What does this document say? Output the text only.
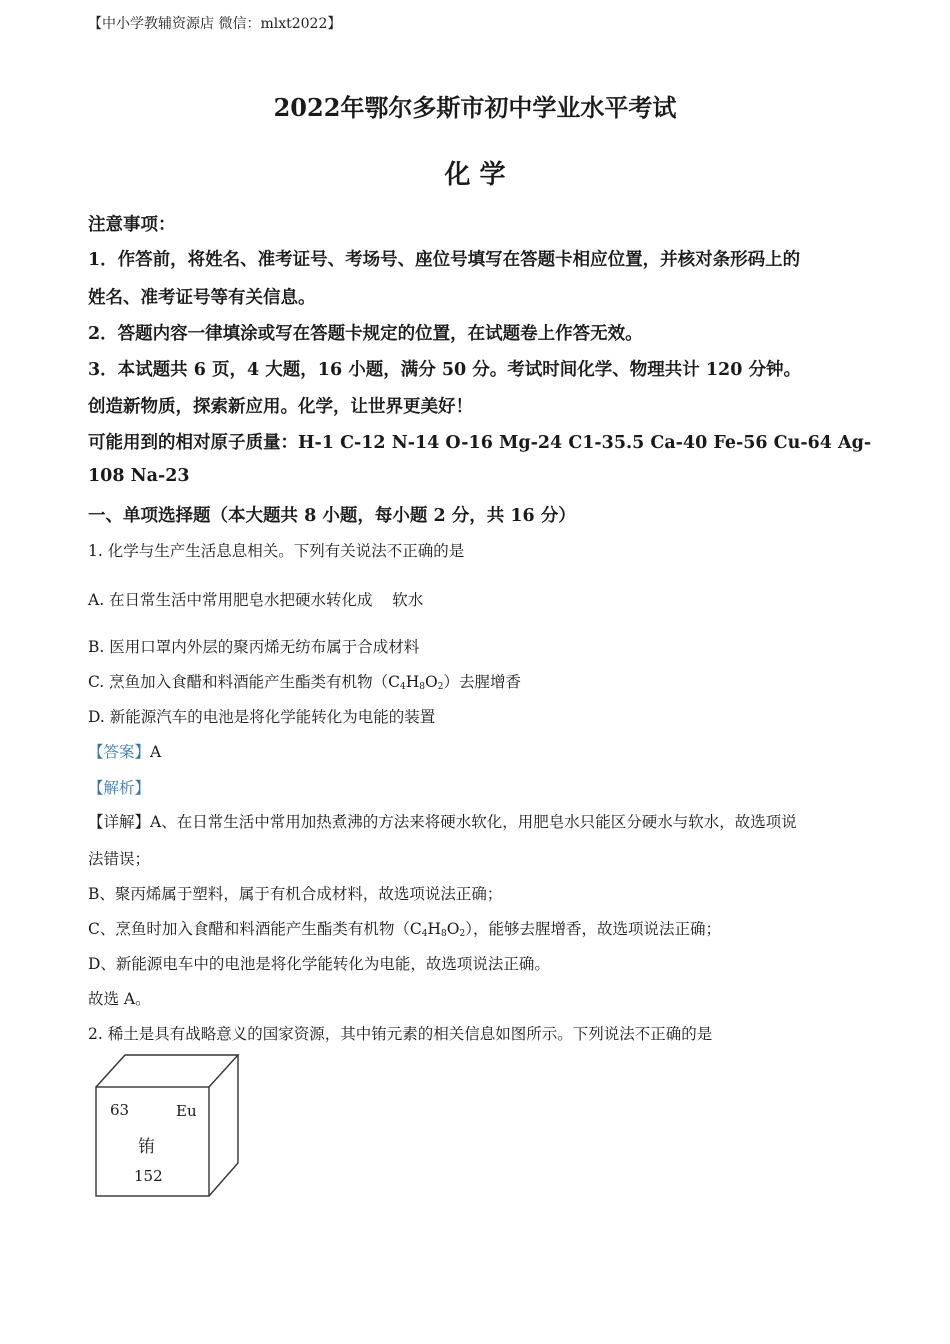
【中小学教辅资源店 微信：mlxt2022】
2022年鄂尔多斯市初中学业水平考试
化 学
注意事项：
1．作答前，将姓名、准考证号、考场号、座位号填写在答题卡相应位置，并核对条形码上的
姓名、准考证号等有关信息。
2．答题内容一律填涂或写在答题卡规定的位置，在试题卷上作答无效。
3．本试题共 6 页，4 大题，16 小题，满分 50 分。考试时间化学、物理共计 120 分钟。
创造新物质，探索新应用。化学，让世界更美好！
可能用到的相对原子质量：H-1 C-12 N-14 O-16 Mg-24 C1-35.5 Ca-40 Fe-56 Cu-64 Ag-
108 Na-23
一、单项选择题（本大题共 8 小题，每小题 2 分，共 16 分）
1. 化学与生产生活息息相关。下列有关说法不正确的是
A. 在日常生活中常用肥皂水把硬水转化成    软水
B. 医用口罩内外层的聚丙烯无纺布属于合成材料
C. 烹鱼加入食醋和料酒能产生酯类有机物$(C_4H_8O_2)$去腥增香
D. 新能源汽车的电池是将化学能转化为电能的装置
【答案】A
【解析】
【详解】A、在日常生活中常用加热煮沸的方法来将硬水软化，用肥皂水只能区分硬水与软水，故选项说
法错误；
B、聚丙烯属于塑料，属于有机合成材料，故选项说法正确；
C、烹鱼时加入食醋和料酒能产生酯类有机物$(C_4H_8O_2)$，能够去腥增香，故选项说法正确；
D、新能源电车中的电池是将化学能转化为电能，故选项说法正确。
故选 A。
2. 稀土是具有战略意义的国家资源，其中铕元素的相关信息如图所示。下列说法不正确的是
63	Eu
铕
152
